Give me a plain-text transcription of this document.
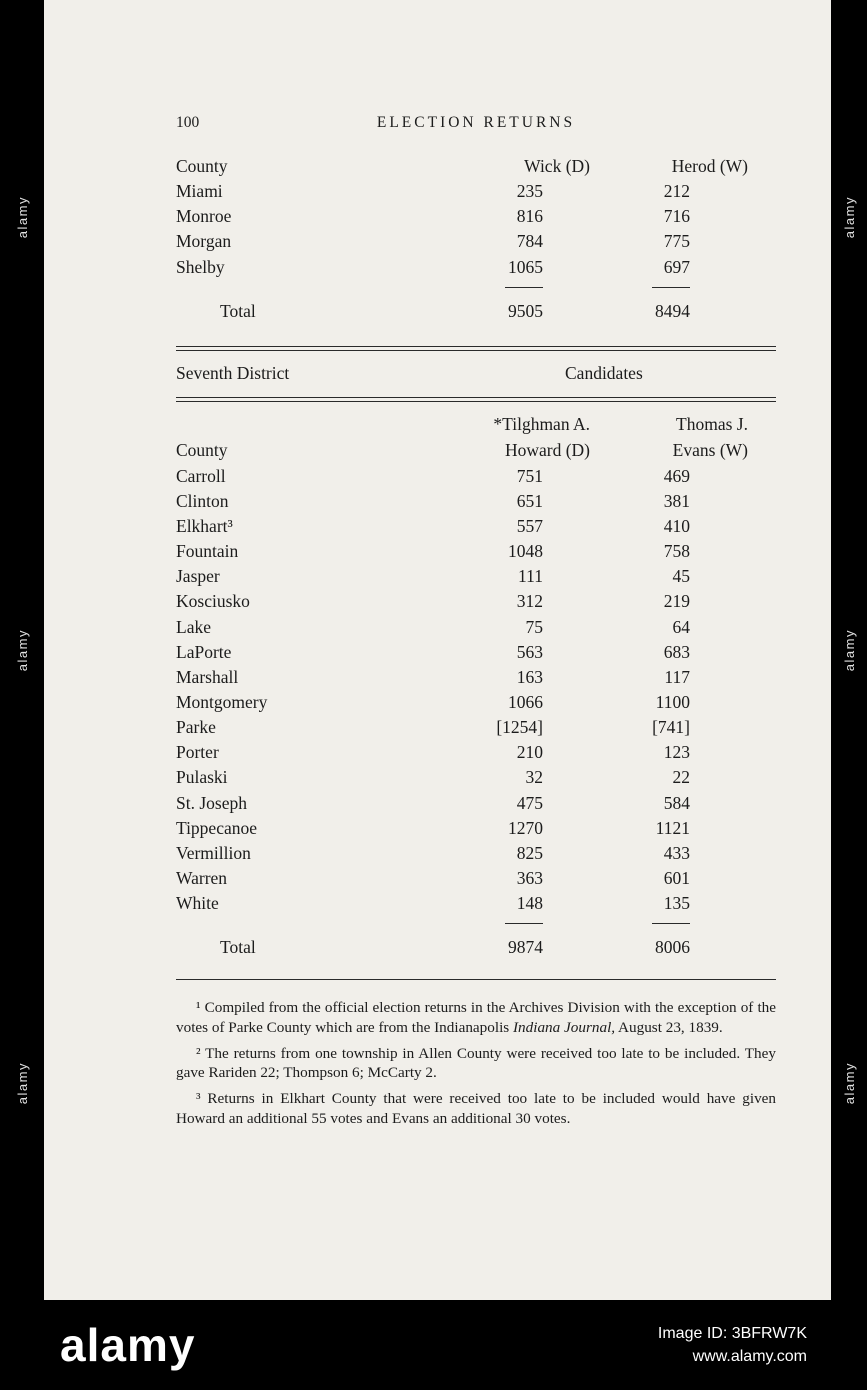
100	ELECTION RETURNS
County	Wick (D)	Herod (W)
Miami	235	212
Monroe	816	716
Morgan	784	775
Shelby	1065	697
Total	9505	8494
Seventh District	Candidates
*Tilghman A.	Thomas J.
County	Howard (D)	Evans (W)
Carroll	751	469
Clinton	651	381
Elkhart³	557	410
Fountain	1048	758
Jasper	111	45
Kosciusko	312	219
Lake	75	64
LaPorte	563	683
Marshall	163	117
Montgomery	1066	1100
Parke	[1254]	[741]
Porter	210	123
Pulaski	32	22
St. Joseph	475	584
Tippecanoe	1270	1121
Vermillion	825	433
Warren	363	601
White	148	135
Total	9874	8006

¹ Compiled from the official election returns in the Archives Division with the exception of the votes of Parke County which are from the Indianapolis Indiana Journal, August 23, 1839.

² The returns from one township in Allen County were received too late to be included. They gave Rariden 22; Thompson 6; McCarty 2.

³ Returns in Elkhart County that were received too late to be included would have given Howard an additional 55 votes and Evans an additional 30 votes.

alamy
alamy
alamy
alamy
alamy
alamy
alamy	Image ID: 3BFRW7K
www.alamy.com
